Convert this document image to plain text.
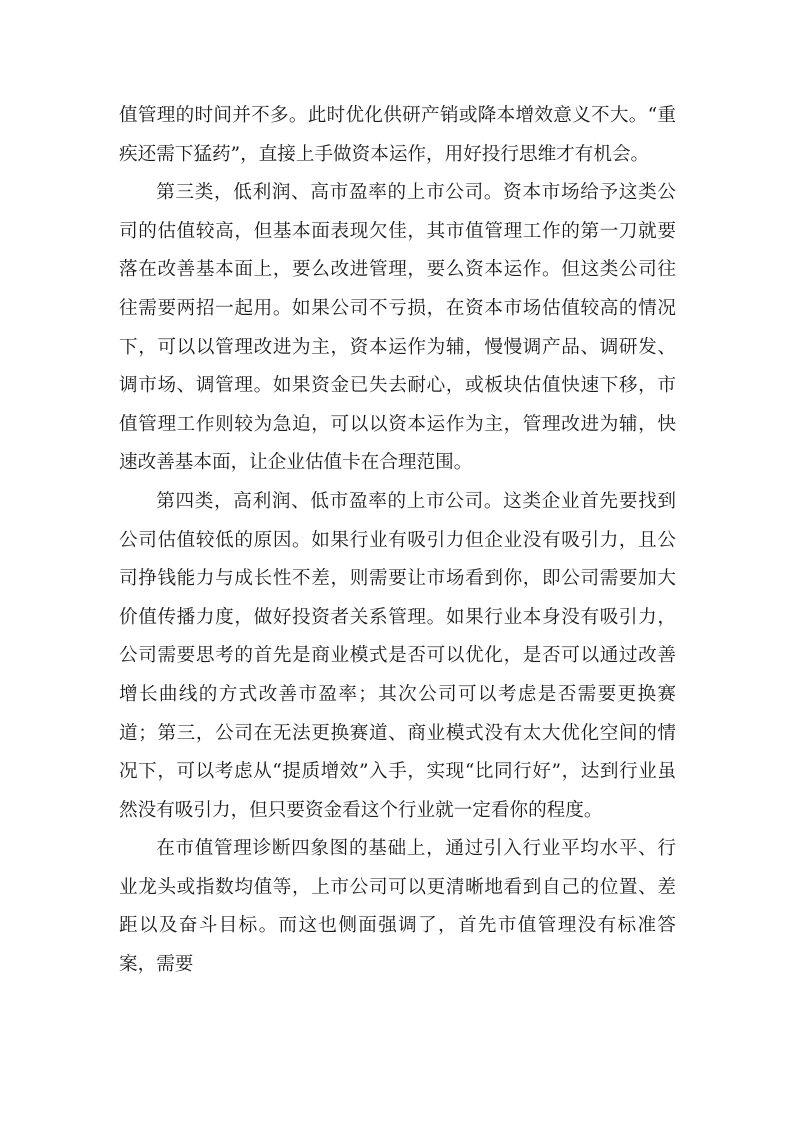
值管理的时间并不多。此时优化供研产销或降本增效意义不大。“重疾还需下猛药”，直接上手做资本运作，用好投行思维才有机会。

第三类，低利润、高市盈率的上市公司。资本市场给予这类公司的估值较高，但基本面表现欠佳，其市值管理工作的第一刀就要落在改善基本面上，要么改进管理，要么资本运作。但这类公司往往需要两招一起用。如果公司不亏损，在资本市场估值较高的情况下，可以以管理改进为主，资本运作为辅，慢慢调产品、调研发、调市场、调管理。如果资金已失去耐心，或板块估值快速下移，市值管理工作则较为急迫，可以以资本运作为主，管理改进为辅，快速改善基本面，让企业估值卡在合理范围。

第四类，高利润、低市盈率的上市公司。这类企业首先要找到公司估值较低的原因。如果行业有吸引力但企业没有吸引力，且公司挣钱能力与成长性不差，则需要让市场看到你，即公司需要加大价值传播力度，做好投资者关系管理。如果行业本身没有吸引力，公司需要思考的首先是商业模式是否可以优化，是否可以通过改善增长曲线的方式改善市盈率；其次公司可以考虑是否需要更换赛道；第三，公司在无法更换赛道、商业模式没有太大优化空间的情况下，可以考虑从“提质增效”入手，实现“比同行好”，达到行业虽然没有吸引力，但只要资金看这个行业就一定看你的程度。

在市值管理诊断四象图的基础上，通过引入行业平均水平、行业龙头或指数均值等，上市公司可以更清晰地看到自己的位置、差距以及奋斗目标。而这也侧面强调了，首先市值管理没有标准答案，需要
